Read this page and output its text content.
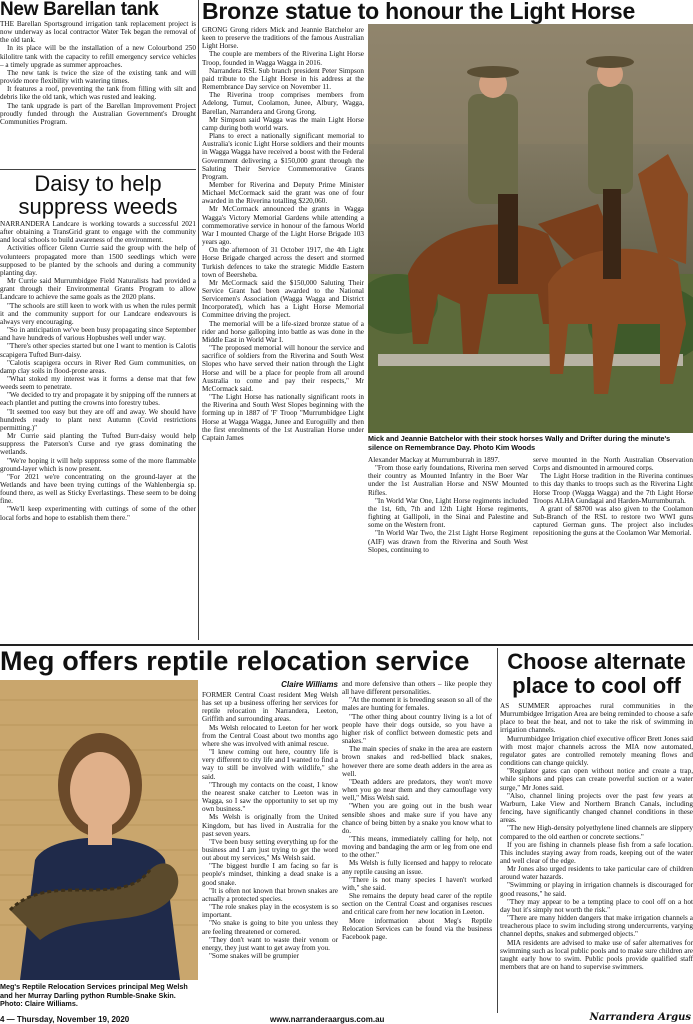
New Barellan tank

THE Barellan Sportsground irrigation tank replacement project is now underway as local contractor Water Tek began the removal of the old tank.

In its place will be the installation of a new Colourbond 250 kilolitre tank with the capacity to refill emergency service vehicles – a timely upgrade as summer approaches.

The new tank is twice the size of the existing tank and will provide more flexibility with watering times.

It features a roof, preventing the tank from filling with silt and debris like the old tank, which was rusted and leaking.

The tank upgrade is part of the Barellan Improvement Project proudly funded through the Australian Government's Drought Communities Program.

Daisy to help suppress weeds

NARRANDERA Landcare is working towards a successful 2021 after obtaining a TransGrid grant to engage with the community and local schools to build awareness of the environment.

Activities officer Glenn Currie said the group with the help of volunteers propagated more than 1500 seedlings which were supposed to be planted by the schools and during a community planting day.

Mr Currie said Murrumbidgee Field Naturalists had provided a grant through their Environmental Grants Program to allow Landcare to achieve the same goals as the 2020 plans.

"The schools are still keen to work with us when the rules permit it and the community support for our Landcare endeavours is always very encouraging.

"So in anticipation we've been busy propagating since September and have hundreds of various Hopbushes well under way.

"There's other species started but one I want to mention is Calotis scapigera Tufted Burr-daisy.

"Calotis scapigera occurs in River Red Gum communities, on damp clay soils in flood-prone areas.

"What stoked my interest was it forms a dense mat that few weeds seem to penetrate.

"We decided to try and propagate it by snipping off the runners at each plantlet and putting the crowns into forestry tubes.

"It seemed too easy but they are off and away. We should have hundreds ready to plant next Autumn (Covid restrictions permitting.)"

Mr Currie said planting the Tufted Burr-daisy would help suppress the Paterson's Curse and rye grass dominating the wetlands.

"We're hoping it will help suppress some of the more flammable ground-layer which is now present.

"For 2021 we're concentrating on the ground-layer at the Wetlands and have been trying cuttings of the Wahlenbergia sp. found there, as well as Sticky Everlastings. These seem to be doing fine.

"We'll keep experimenting with cuttings of some of the other local forbs and hope to establish them there."

Bronze statue to honour the Light Horse

GRONG Grong riders Mick and Jeannie Batchelor are keen to preserve the traditions of the famous Australian Light Horse.

The couple are members of the Riverina Light Horse Troop, founded in Wagga Wagga in 2016.

Narrandera RSL Sub branch president Peter Simpson paid tribute to the Light Horse in his address at the Remembrance Day service on November 11.

The Riverina troop comprises members from Adelong, Tumut, Coolamon, Junee, Albury, Wagga, Barellan, Narrandera and Grong Grong.

Mr Simpson said Wagga was the main Light Horse camp during both world wars.

Plans to erect a nationally significant memorial to Australia's iconic Light Horse soldiers and their mounts in Wagga Wagga have received a boost with the Federal Government delivering a $150,000 grant through the Saluting Their Service Commemorative Grants Program.

Member for Riverina and Deputy Prime Minister Michael McCormack said the grant was one of four awarded in the Riverina totalling $220,060.

Mr McCormack announced the grants in Wagga Wagga's Victory Memorial Gardens while attending a commemorative service in honour of the famous World War I mounted Charge of the Light Horse Brigade 103 years ago.

On the afternoon of 31 October 1917, the 4th Light Horse Brigade charged across the desert and stormed Turkish defences to take the strategic Middle Eastern town of Beersheba.

Mr McCormack said the $150,000 Saluting Their Service Grant had been awarded to the National Servicemen's Association (Wagga Wagga and District Incorporated), which has a Light Horse Memorial Committee driving the project.

The memorial will be a life-sized bronze statue of a rider and horse galloping into battle as was done in the Middle East in World War I.

"The proposed memorial will honour the service and sacrifice of soldiers from the Riverina and South West Slopes who have served their nation through the Light Horse and will be a place for people from all around Australia to come and pay their respects," Mr McCormack said.

"The Light Horse has nationally significant roots in the Riverina and South West Slopes beginning with the forming up in 1887 of 'F' Troop "Murrumbidgee Light Horse at Wagga Wagga, Junee and Euroguilly and then the first enrolments of the 1st Australian Horse under Captain James	Mick and Jeannie Batchelor with their stock horses Wally and Drifter during the minute's silence on Remembrance Day. Photo Kim Woods

Alexander Mackay at Murrumburrah in 1897.

"From those early foundations, Riverina men served their country as Mounted Infantry in the Boer War under the 1st Australian Horse and NSW Mounted Rifles.

"In World War One, Light Horse regiments included the 1st, 6th, 7th and 12th Light Horse regiments, fighting at Gallipoli, in the Sinai and Palestine and some on the Western front.

"In World War Two, the 21st Light Horse Regiment (AIF) was drawn from the Riverina and South West Slopes, continuing to

serve mounted in the North Australian Observation Corps and dismounted in armoured corps.

The Light Horse tradition in the Riverina continues to this day thanks to troops such as the Riverina Light Horse Troop (Wagga Wagga) and the 7th Light Horse Troops ALHA Gundagai and Harden-Murrumburrah.

A grant of $8700 was also given to the Coolamon Sub-Branch of the RSL to restore two WWI guns captured German guns. The project also includes repositioning the guns at the Coolamon War Memorial.

Meg offers reptile relocation service
Meg's Reptile Relocation Services principal Meg Welsh and her Murray Darling python Rumble-Snake Skin. Photo: Claire Williams.
Claire Williams

FORMER Central Coast resident Meg Welsh has set up a business offering her services for reptile relocation in Narrandera, Leeton, Griffith and surrounding areas.

Ms Welsh relocated to Leeton for her work from the Central Coast about two months ago where she was involved with animal rescue.

"I knew coming out here, country life is very different to city life and I wanted to find a way to still be involved with wildlife," she said.

"Through my contacts on the coast, I know the nearest snake catcher to Leeton was in Wagga, so I saw the opportunity to set up my own business."

Ms Welsh is originally from the United Kingdom, but has lived in Australia for the past seven years.

"I've been busy setting everything up for the business and I am just trying to get the word out about my services," Ms Welsh said.

"The biggest hurdle I am facing so far is people's mindset, thinking a dead snake is a good snake.

"It is often not known that brown snakes are actually a protected species.

"The role snakes play in the ecosystem is so important.

"No snake is going to bite you unless they are feeling threatened or cornered.

"They don't want to waste their venom or energy, they just want to get away from you.

"Some snakes will be grumpier

and more defensive than others – like people they all have different personalities.

"At the moment it is breeding season so all of the males are hunting for females.

"The other thing about country living is a lot of people have their dogs outside, so you have a higher risk of conflict between domestic pets and snakes."

The main species of snake in the area are eastern brown snakes and red-bellied black snakes, however there are some death adders in the area as well.

"Death adders are predators, they won't move when you go near them and they camouflage very well," Miss Welsh said.

"When you are going out in the bush wear sensible shoes and make sure if you have any chance of being bitten by a snake you know what to do.

"This means, immediately calling for help, not moving and bandaging the arm or leg from one end to the other."

Ms Welsh is fully licensed and happy to relocate any reptile causing an issue.

"There is not many species I haven't worked with," she said.

She remains the deputy head carer of the reptile section on the Central Coast and organises rescues and critical care from her new location in Leeton.

More information about Meg's Reptile Relocation Services can be found via the business Facebook page.

Choose alternate place to cool off

AS SUMMER approaches rural communities in the Murrumbidgee Irrigation Area are being reminded to choose a safe place to beat the heat, and not to take the risk of swimming in irrigation channels.

Murrumbidgee Irrigation chief executive officer Brett Jones said with most major channels across the MIA now automated, regulator gates are controlled remotely meaning flows and conditions can change quickly.

"Regulator gates can open without notice and create a trap, while siphons and pipes can create powerful suction or a water surge," Mr Jones said.

"Also, channel lining projects over the past few years at Warburn, Lake View and Northern Branch Canals, including fencing, have significantly changed channel conditions in these areas.

"The new High-density polyethylene lined channels are slippery compared to the old earthen or concrete sections."

If you are fishing in channels please fish from a safe location. This includes staying away from roads, keeping out of the water and well clear of the edge.

Mr Jones also urged residents to take particular care of children around water hazards.

"Swimming or playing in irrigation channels is discouraged for good reasons," he said.

"They may appear to be a tempting place to cool off on a hot day but it's simply not worth the risk."

"There are many hidden dangers that make irrigation channels a treacherous place to swim including strong undercurrents, varying channel depths, snakes and submerged objects."

MIA residents are advised to make use of safer alternatives for swimming such as local public pools and to make sure children are taught early how to swim. Public pools provide qualified staff members that are on hand to supervise swimmers.

4 — Thursday, November 19, 2020	www.narranderaargus.com.au	Narrandera Argus
